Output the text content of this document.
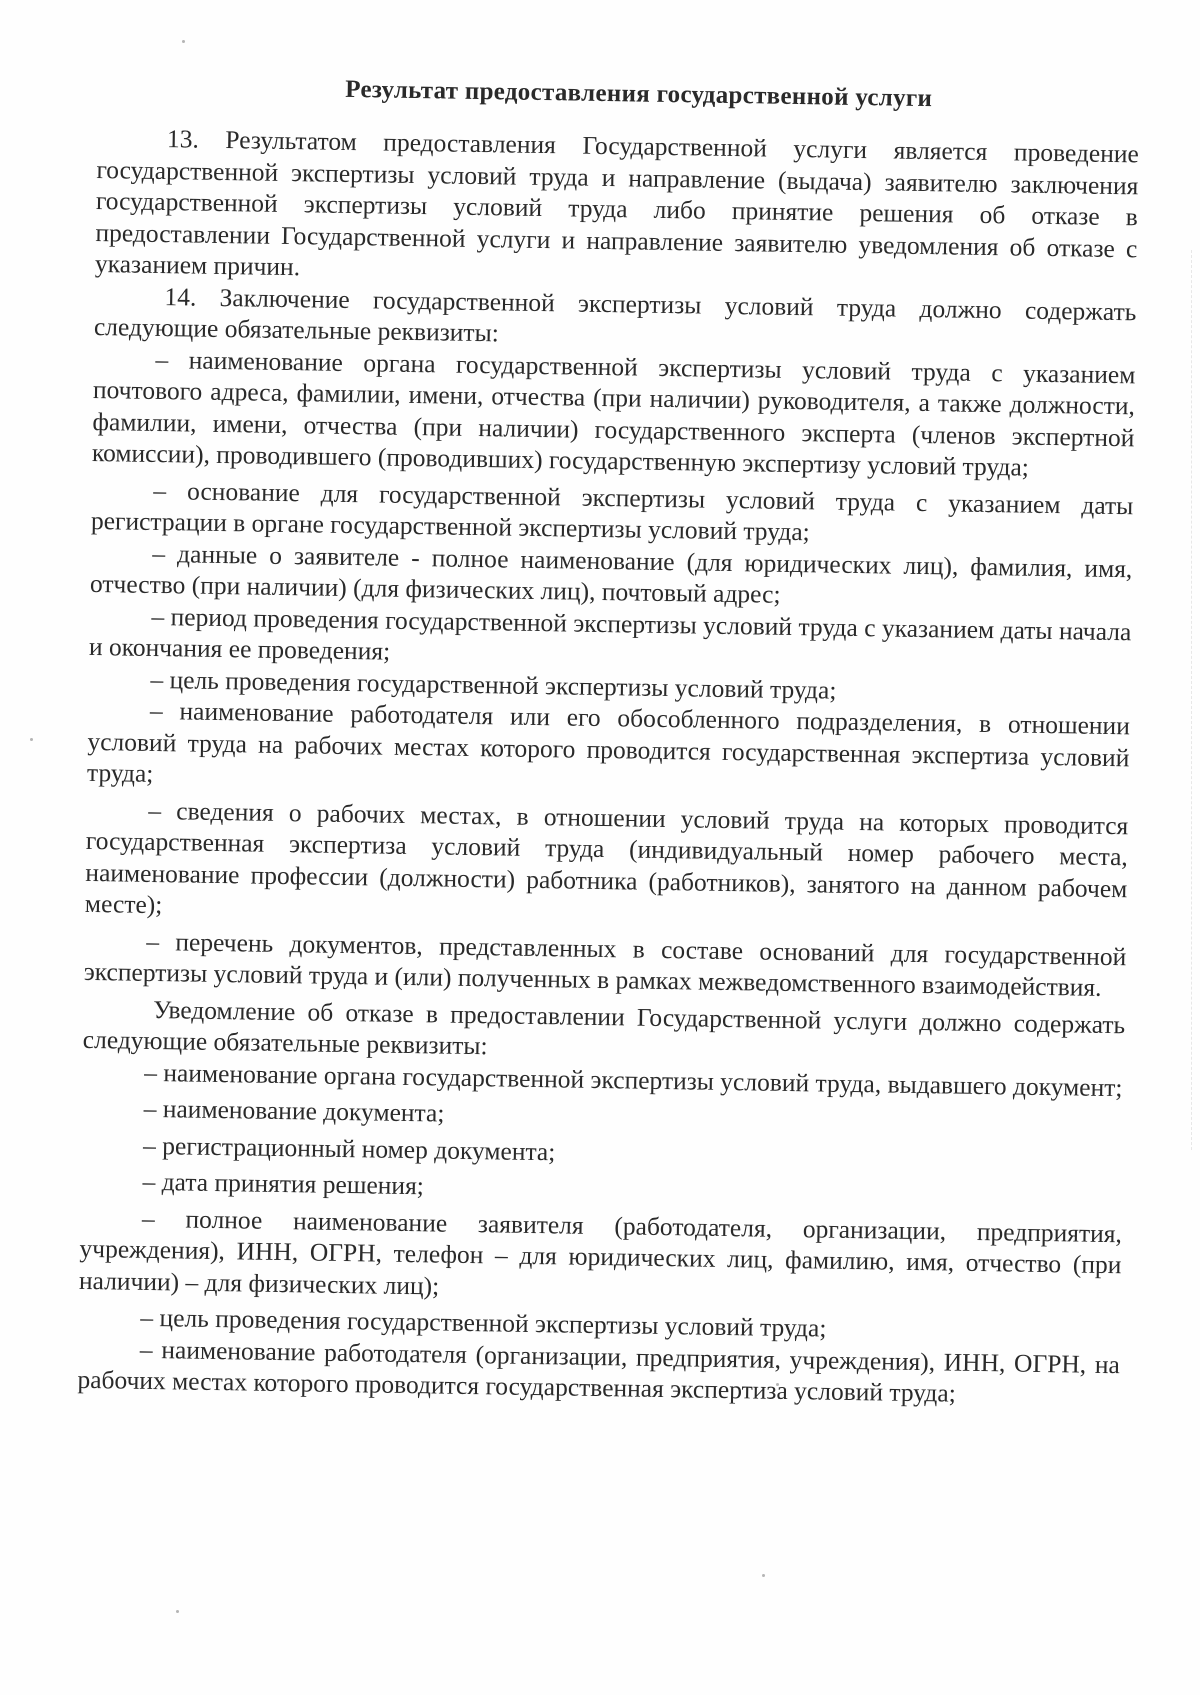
Результат предоставления государственной услуги

13. Результатом предоставления Государственной услуги является проведение государственной экспертизы условий труда и направление (выдача) заявителю заключения государственной экспертизы условий труда либо принятие решения об отказе в предоставлении Государственной услуги и направление заявителю уведомления об отказе с указанием причин.

14. Заключение государственной экспертизы условий труда должно содержать следующие обязательные реквизиты:

– наименование органа государственной экспертизы условий труда с указанием почтового адреса, фамилии, имени, отчества (при наличии) руководителя, а также должности, фамилии, имени, отчества (при наличии) государственного эксперта (членов экспертной комиссии), проводившего (проводивших) государственную экспертизу условий труда;

– основание для государственной экспертизы условий труда с указанием даты регистрации в органе государственной экспертизы условий труда;

– данные о заявителе - полное наименование (для юридических лиц), фамилия, имя, отчество (при наличии) (для физических лиц), почтовый адрес;

– период проведения государственной экспертизы условий труда с указанием даты начала и окончания ее проведения;

– цель проведения государственной экспертизы условий труда;

– наименование работодателя или его обособленного подразделения, в отношении условий труда на рабочих местах которого проводится государственная экспертиза условий труда;

– сведения о рабочих местах, в отношении условий труда на которых проводится государственная экспертиза условий труда (индивидуальный номер рабочего места, наименование профессии (должности) работника (работников), занятого на данном рабочем месте);

– перечень документов, представленных в составе оснований для государственной экспертизы условий труда и (или) полученных в рамках межведомственного взаимодействия.

Уведомление об отказе в предоставлении Государственной услуги должно содержать следующие обязательные реквизиты:

– наименование органа государственной экспертизы условий труда, выдавшего документ;

– наименование документа;

– регистрационный номер документа;

– дата принятия решения;

– полное наименование заявителя (работодателя, организации, предприятия, учреждения), ИНН, ОГРН, телефон – для юридических лиц, фамилию, имя, отчество (при наличии) – для физических лиц);

– цель проведения государственной экспертизы условий труда;

– наименование работодателя (организации, предприятия, учреждения), ИНН, ОГРН, на рабочих местах которого проводится государственная экспертиза условий труда;
